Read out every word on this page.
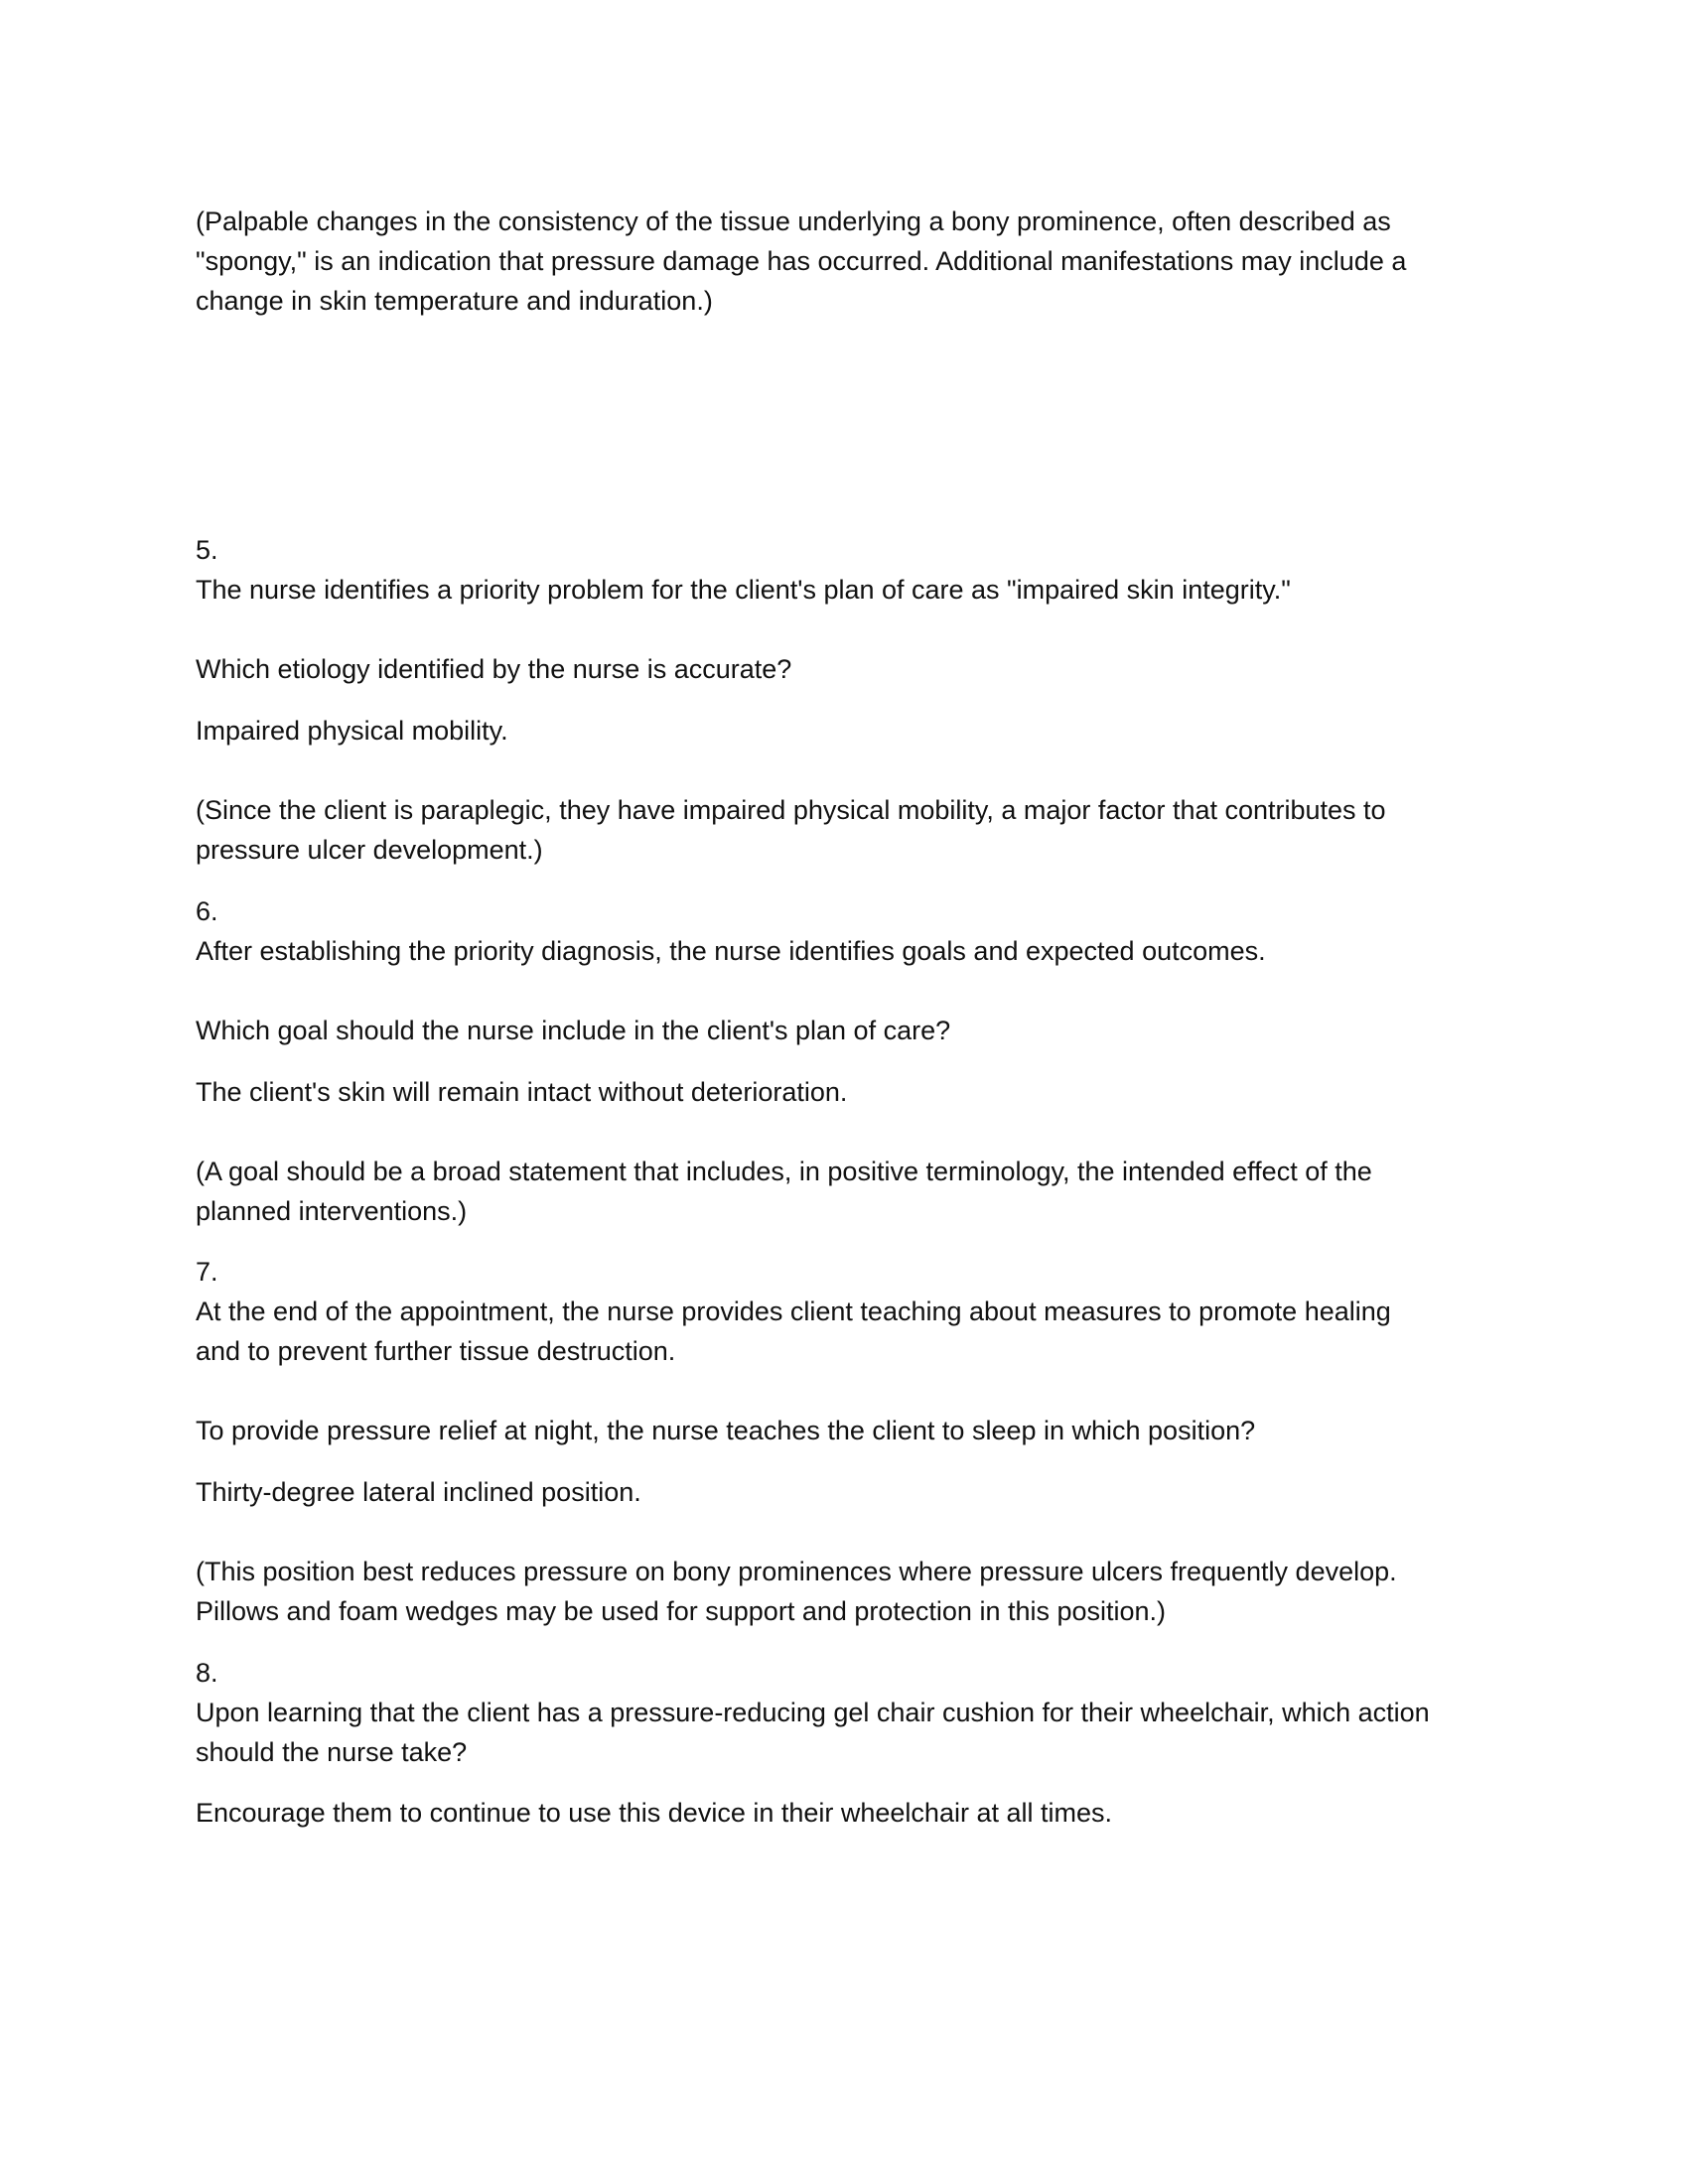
(Palpable changes in the consistency of the tissue underlying a bony prominence, often described as

"spongy," is an indication that pressure damage has occurred. Additional manifestations may include a

change in skin temperature and induration.)

5.

The nurse identifies a priority problem for the client's plan of care as "impaired skin integrity."

Which etiology identified by the nurse is accurate?

Impaired physical mobility.

(Since the client is paraplegic, they have impaired physical mobility, a major factor that contributes to

pressure ulcer development.)

6.

After establishing the priority diagnosis, the nurse identifies goals and expected outcomes.

Which goal should the nurse include in the client's plan of care?

The client's skin will remain intact without deterioration.

(A goal should be a broad statement that includes, in positive terminology, the intended effect of the

planned interventions.)

7.

At the end of the appointment, the nurse provides client teaching about measures to promote healing

and to prevent further tissue destruction.

To provide pressure relief at night, the nurse teaches the client to sleep in which position?

Thirty-degree lateral inclined position.

(This position best reduces pressure on bony prominences where pressure ulcers frequently develop.

Pillows and foam wedges may be used for support and protection in this position.)

8.

Upon learning that the client has a pressure-reducing gel chair cushion for their wheelchair, which action

should the nurse take?

Encourage them to continue to use this device in their wheelchair at all times.
